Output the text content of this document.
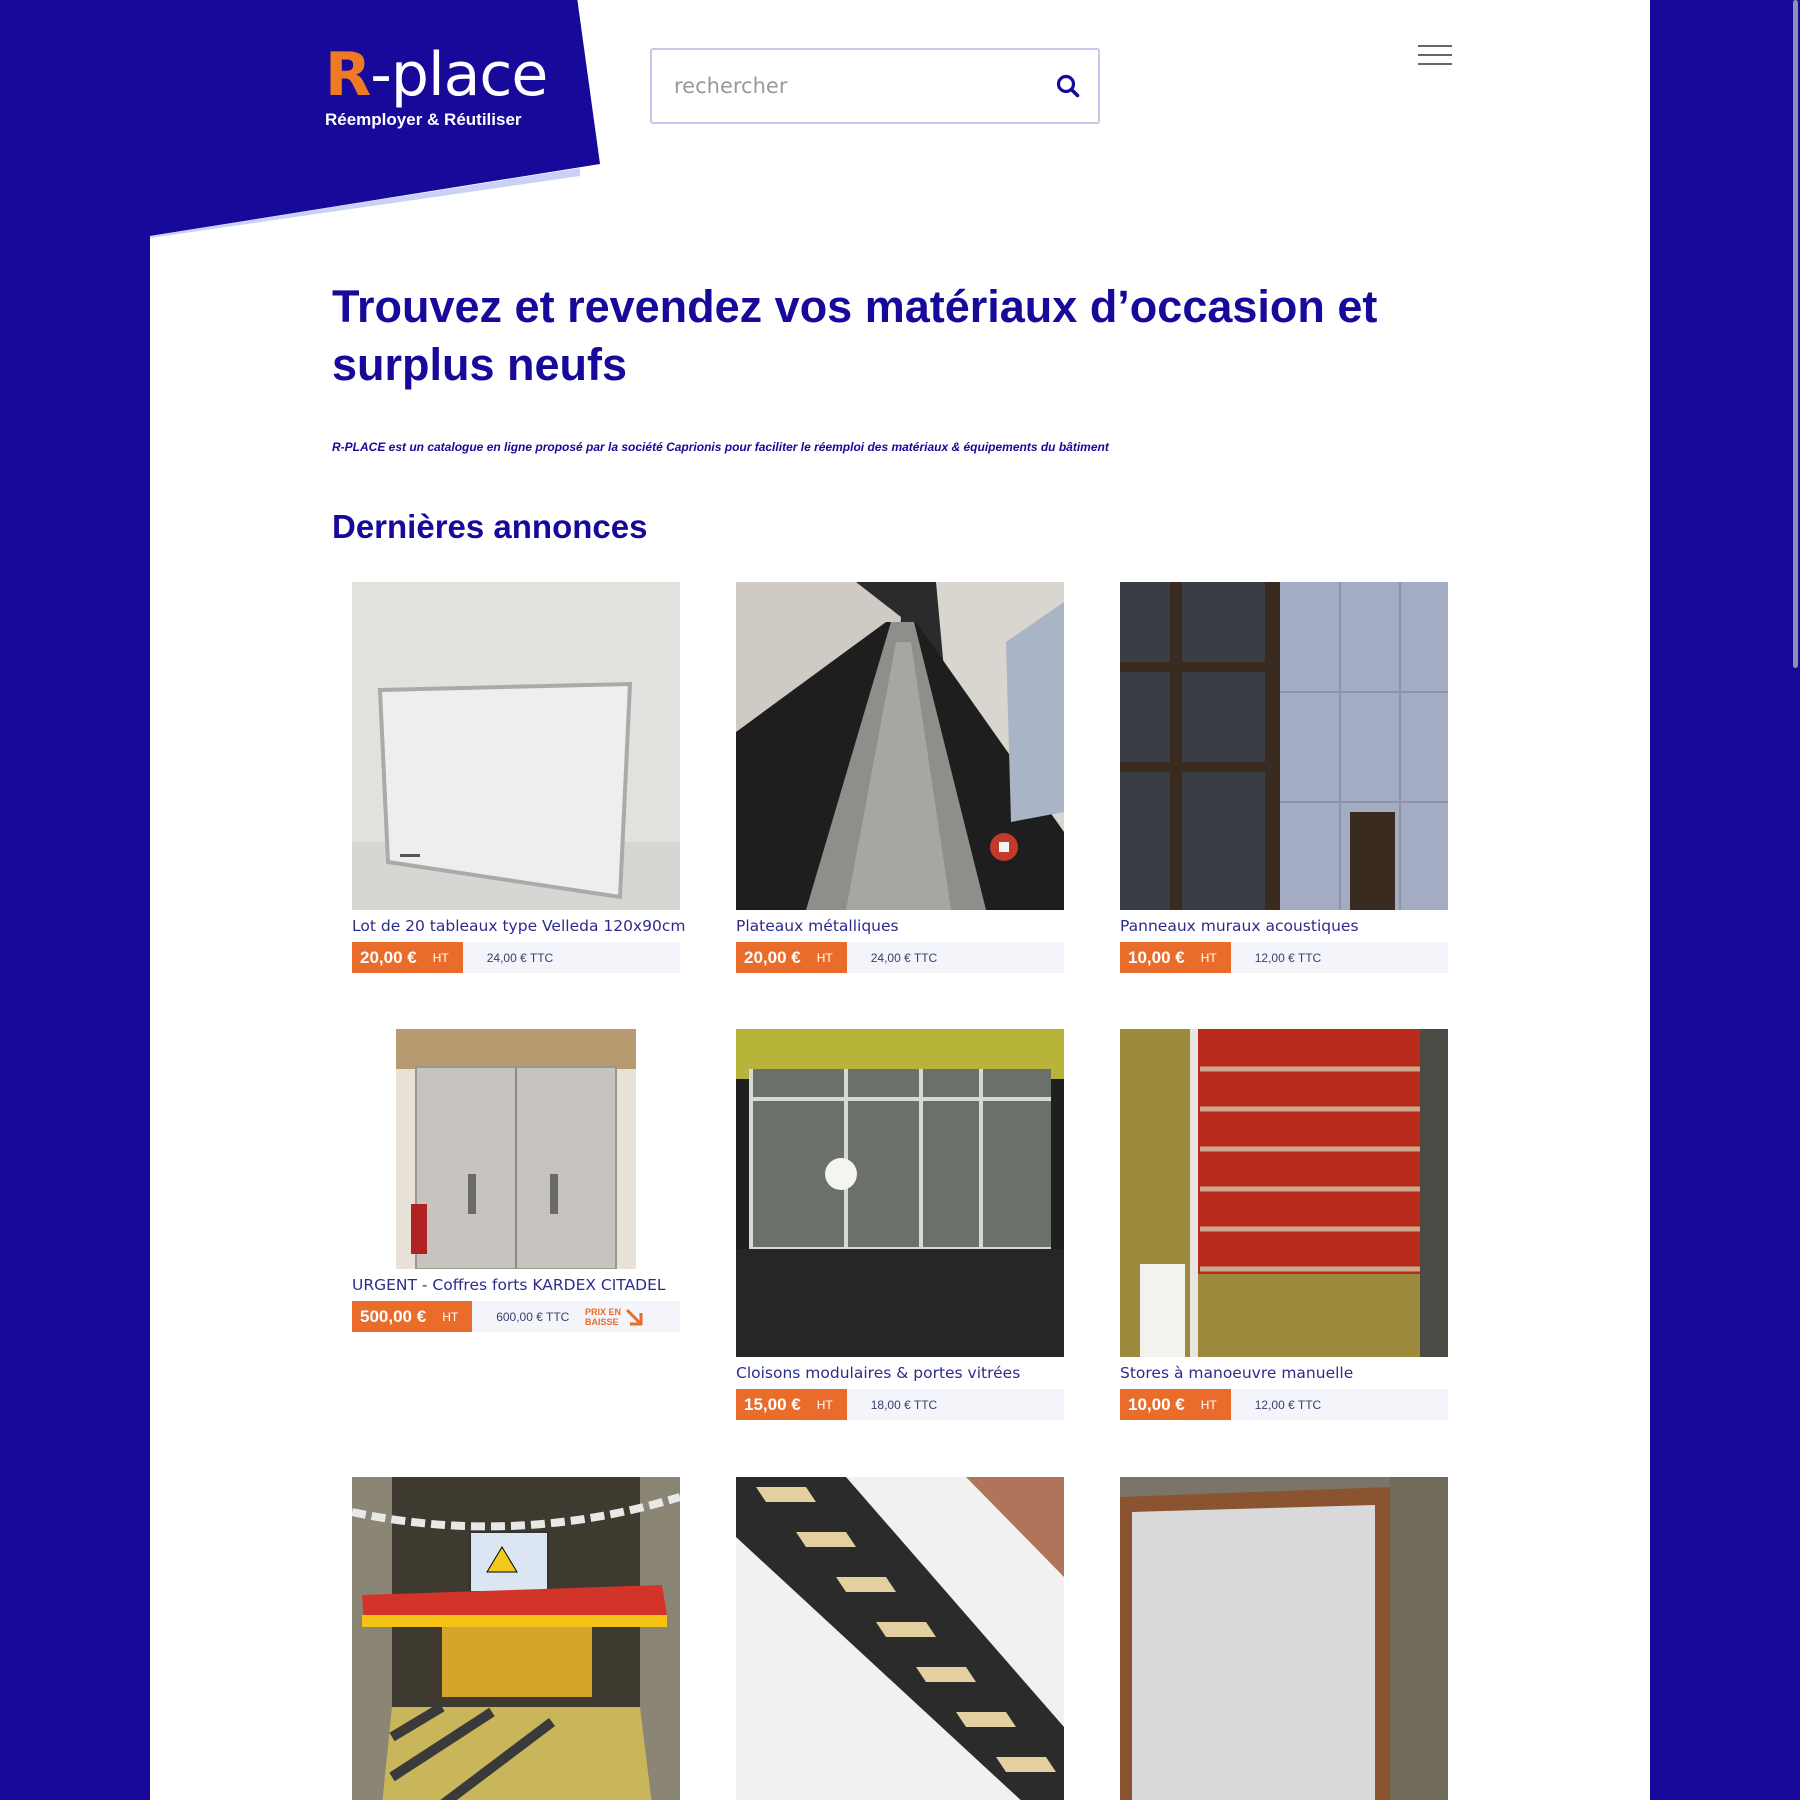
R-place
Réemployer & Réutiliser
rechercher
Trouvez et revendez vos matériaux d’occasion et surplus neufs

R-PLACE est un catalogue en ligne proposé par la société Caprionis pour faciliter le réemploi des matériaux & équipements du bâtiment

Dernières annonces
Lot de 20 tableaux type Velleda 120x90cm
20,00 € HT	24,00 € TTC
Plateaux métalliques
20,00 € HT	24,00 € TTC
Panneaux muraux acoustiques
10,00 € HT	12,00 € TTC
URGENT - Coffres forts KARDEX CITADEL
500,00 € HT	600,00 € TTC	PRIX EN
BAISSE
Cloisons modulaires & portes vitrées
15,00 € HT	18,00 € TTC
Stores à manoeuvre manuelle
10,00 € HT	12,00 € TTC
